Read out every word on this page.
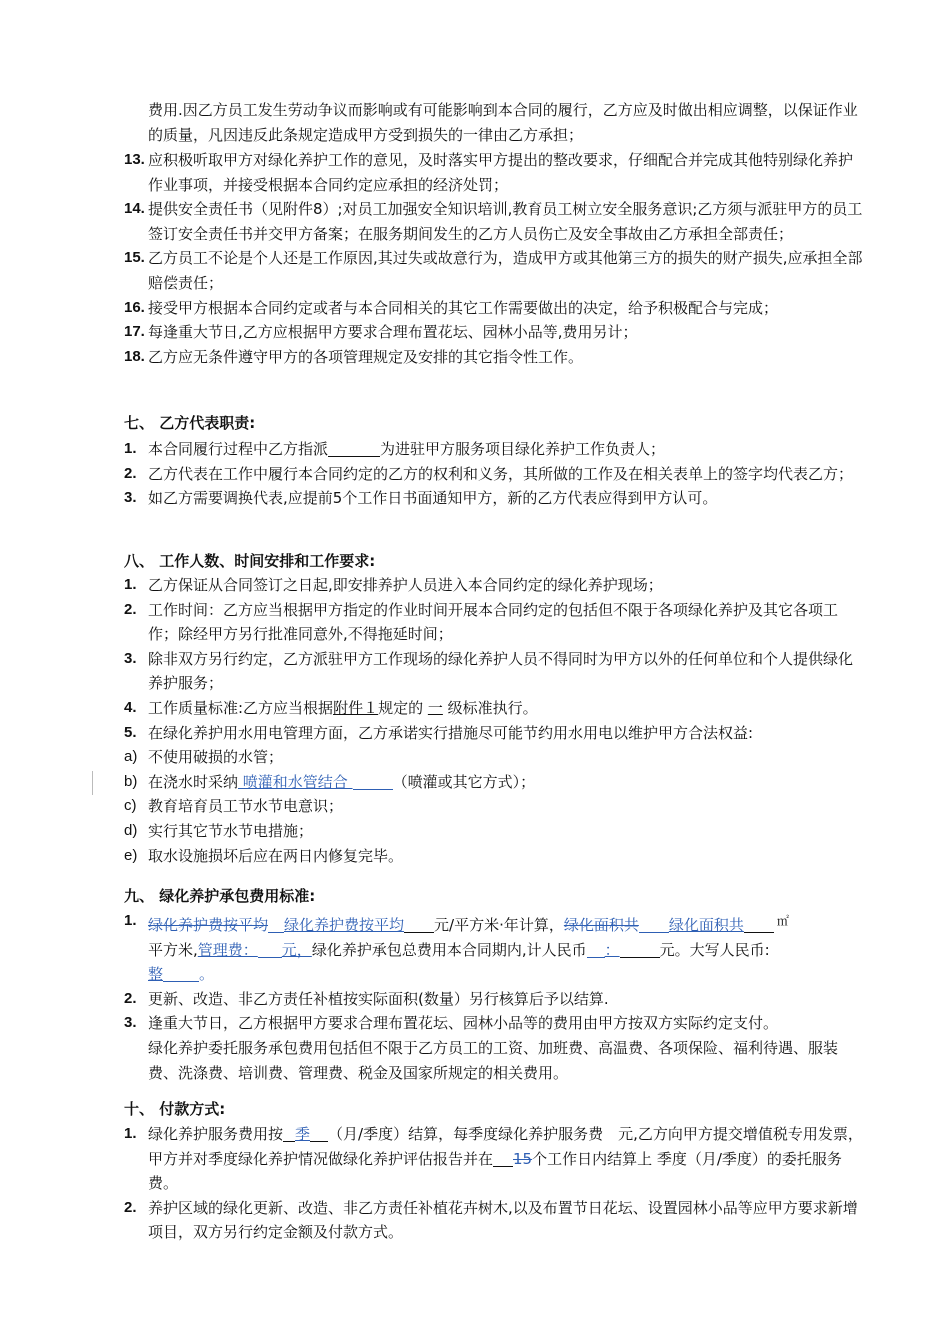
费用.因乙方员工发生劳动争议而影响或有可能影响到本合同的履行，乙方应及时做出相应调整，以保证作业的质量，凡因违反此条规定造成甲方受到损失的一律由乙方承担；
13. 应积极听取甲方对绿化养护工作的意见，及时落实甲方提出的整改要求，仔细配合并完成其他特别绿化养护作业事项，并接受根据本合同约定应承担的经济处罚；
14. 提供安全责任书（见附件8）;对员工加强安全知识培训,教育员工树立安全服务意识;乙方须与派驻甲方的员工签订安全责任书并交甲方备案；在服务期间发生的乙方人员伤亡及安全事故由乙方承担全部责任；
15. 乙方员工不论是个人还是工作原因,其过失或故意行为，造成甲方或其他第三方的损失的财产损失,应承担全部赔偿责任；
16. 接受甲方根据本合同约定或者与本合同相关的其它工作需要做出的决定，给予积极配合与完成；
17. 每逢重大节日,乙方应根据甲方要求合理布置花坛、园林小品等,费用另计；
18. 乙方应无条件遵守甲方的各项管理规定及安排的其它指令性工作。
七、 乙方代表职责:
1. 本合同履行过程中乙方指派	为进驻甲方服务项目绿化养护工作负责人；
2. 乙方代表在工作中履行本合同约定的乙方的权利和义务，其所做的工作及在相关表单上的签字均代表乙方；
3. 如乙方需要调换代表,应提前5个工作日书面通知甲方，新的乙方代表应得到甲方认可。
八、 工作人数、时间安排和工作要求:
1. 乙方保证从合同签订之日起,即安排养护人员进入本合同约定的绿化养护现场；
2. 工作时间：乙方应当根据甲方指定的作业时间开展本合同约定的包括但不限于各项绿化养护及其它各项工作；除经甲方另行批准同意外,不得拖延时间；
3. 除非双方另行约定，乙方派驻甲方工作现场的绿化养护人员不得同时为甲方以外的任何单位和个人提供绿化养护服务；
4. 工作质量标准:乙方应当根据附件１规定的 一 级标准执行。
5. 在绿化养护用水用电管理方面，乙方承诺实行措施尽可能节约用水用电以维护甲方合法权益:
a) 不使用破损的水管；
b) 在浇水时采纳 喷灌和水管结合	（喷灌或其它方式）；
c) 教育培育员工节水节电意识；
d) 实行其它节水节电措施；
e) 取水设施损坏后应在两日内修复完毕。
九、 绿化养护承包费用标准:
1. 绿化养护费按平均 绿化养护费按平均 元/平方米·年计算，绿化面积共 绿化面积共	㎡
平方米,管理费： 元，绿化养护承包总费用本合同期内,计人民币 ：	元。大写人民币:
整 。
2. 更新、改造、非乙方责任补植按实际面积(数量）另行核算后予以结算.
3. 逢重大节日，乙方根据甲方要求合理布置花坛、园林小品等的费用由甲方按双方实际约定支付。
绿化养护委托服务承包费用包括但不限于乙方员工的工资、加班费、高温费、各项保险、福利待遇、服装费、洗涤费、培训费、管理费、税金及国家所规定的相关费用。
十、 付款方式:
1. 绿化养护服务费用按 季 （月/季度）结算，每季度绿化养护服务费　元,乙方向甲方提交增值税专用发票，甲方并对季度绿化养护情况做绿化养护评估报告并在 15个工作日内结算上 季度（月/季度）的委托服务费。
2. 养护区域的绿化更新、改造、非乙方责任补植花卉树木,以及布置节日花坛、设置园林小品等应甲方要求新增项目，双方另行约定金额及付款方式。
